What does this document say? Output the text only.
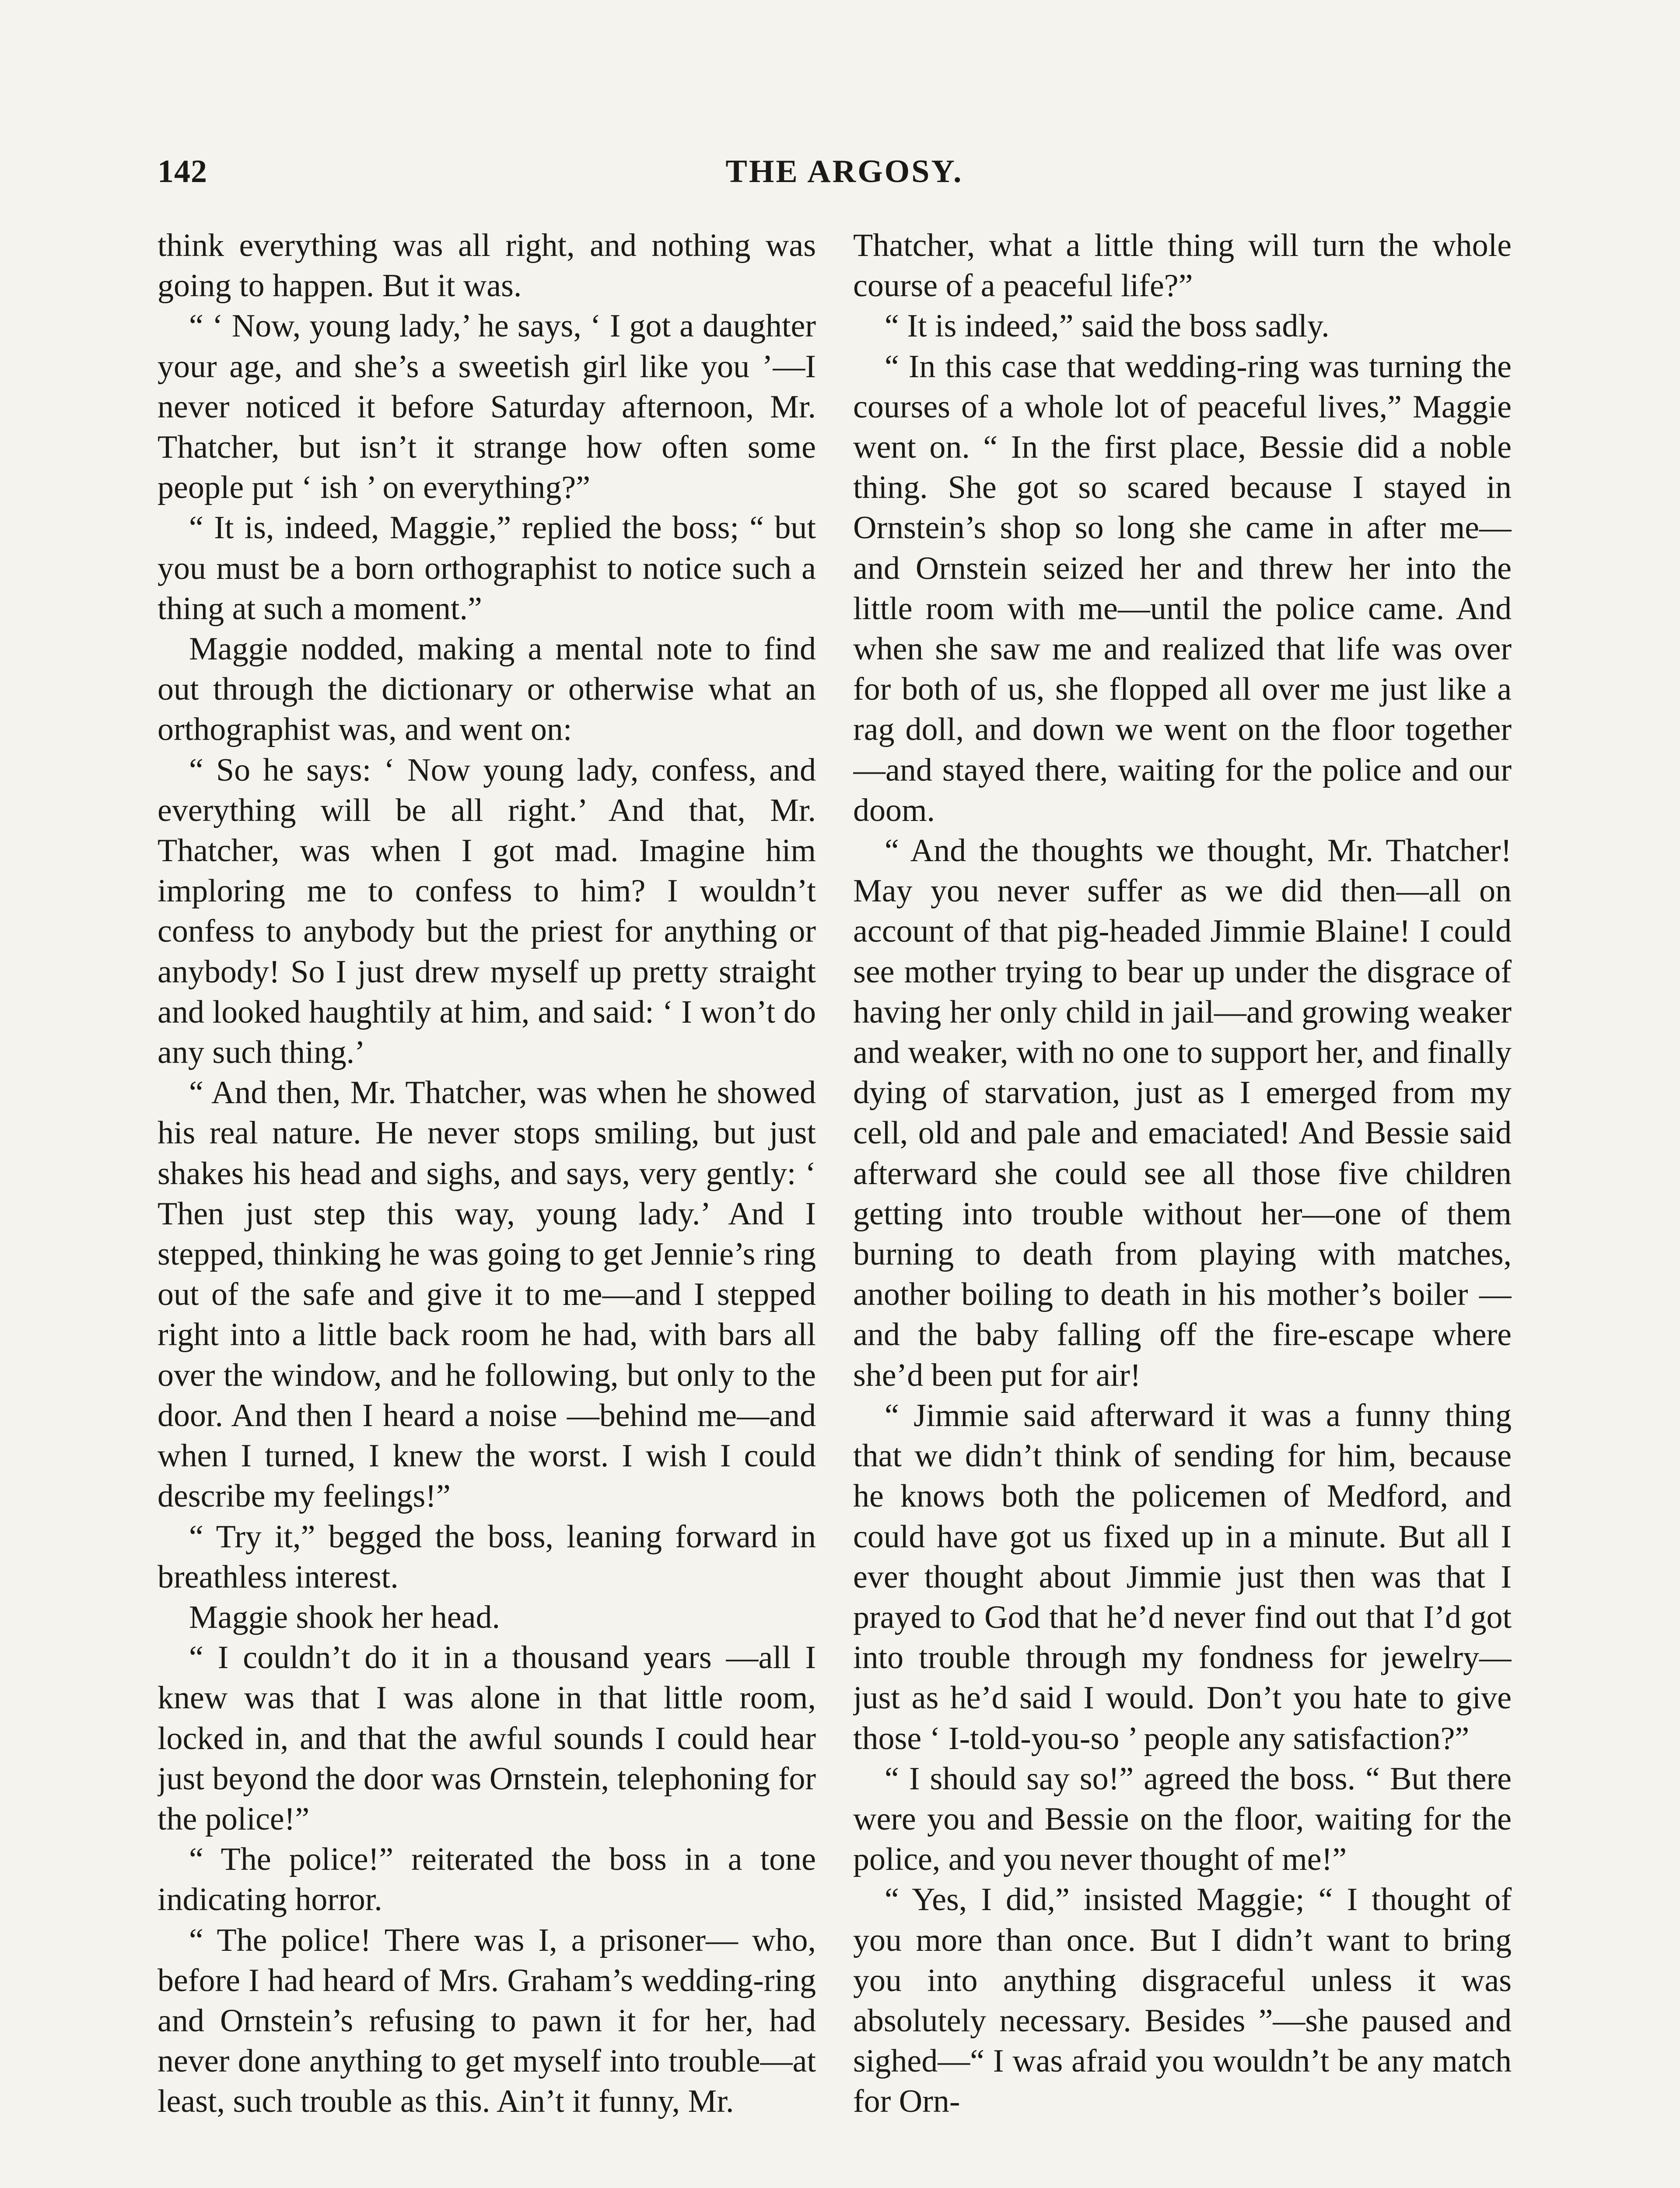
142	THE ARGOSY.

think everything was all right, and nothing was going to happen. But it was.

“ ‘ Now, young lady,’ he says, ‘ I got a daughter your age, and she’s a sweetish girl like you ’—I never noticed it before Saturday afternoon, Mr. Thatcher, but isn’t it strange how often some people put ‘ ish ’ on everything?”

“ It is, indeed, Maggie,” replied the boss; “ but you must be a born orthographist to notice such a thing at such a moment.”

Maggie nodded, making a mental note to find out through the dictionary or otherwise what an orthographist was, and went on:

“ So he says: ‘ Now young lady, confess, and everything will be all right.’ And that, Mr. Thatcher, was when I got mad. Imagine him imploring me to confess to him? I wouldn’t confess to anybody but the priest for anything or anybody! So I just drew myself up pretty straight and looked haughtily at him, and said: ‘ I won’t do any such thing.’

“ And then, Mr. Thatcher, was when he showed his real nature. He never stops smiling, but just shakes his head and sighs, and says, very gently: ‘ Then just step this way, young lady.’ And I stepped, thinking he was going to get Jennie’s ring out of the safe and give it to me—and I stepped right into a little back room he had, with bars all over the window, and he following, but only to the door. And then I heard a noise —behind me—and when I turned, I knew the worst. I wish I could describe my feelings!”

“ Try it,” begged the boss, leaning forward in breathless interest.

Maggie shook her head.

“ I couldn’t do it in a thousand years —all I knew was that I was alone in that little room, locked in, and that the awful sounds I could hear just beyond the door was Ornstein, telephoning for the police!”

“ The police!” reiterated the boss in a tone indicating horror.

“ The police! There was I, a prisoner— who, before I had heard of Mrs. Graham’s wedding-ring and Ornstein’s refusing to pawn it for her, had never done anything to get myself into trouble—at least, such trouble as this. Ain’t it funny, Mr.

Thatcher, what a little thing will turn the whole course of a peaceful life?”

“ It is indeed,” said the boss sadly.

“ In this case that wedding-ring was turning the courses of a whole lot of peaceful lives,” Maggie went on. “ In the first place, Bessie did a noble thing. She got so scared because I stayed in Ornstein’s shop so long she came in after me—and Ornstein seized her and threw her into the little room with me—until the police came. And when she saw me and realized that life was over for both of us, she flopped all over me just like a rag doll, and down we went on the floor together—and stayed there, waiting for the police and our doom.

“ And the thoughts we thought, Mr. Thatcher! May you never suffer as we did then—all on account of that pig-headed Jimmie Blaine! I could see mother trying to bear up under the disgrace of having her only child in jail—and growing weaker and weaker, with no one to support her, and finally dying of starvation, just as I emerged from my cell, old and pale and emaciated! And Bessie said afterward she could see all those five children getting into trouble without her—one of them burning to death from playing with matches, another boiling to death in his mother’s boiler —and the baby falling off the fire-escape where she’d been put for air!

“ Jimmie said afterward it was a funny thing that we didn’t think of sending for him, because he knows both the policemen of Medford, and could have got us fixed up in a minute. But all I ever thought about Jimmie just then was that I prayed to God that he’d never find out that I’d got into trouble through my fondness for jewelry—just as he’d said I would. Don’t you hate to give those ‘ I-told-you-so ’ people any satisfaction?”

“ I should say so!” agreed the boss. “ But there were you and Bessie on the floor, waiting for the police, and you never thought of me!”

“ Yes, I did,” insisted Maggie; “ I thought of you more than once. But I didn’t want to bring you into anything disgraceful unless it was absolutely necessary. Besides ”—she paused and sighed—“ I was afraid you wouldn’t be any match for Orn-
